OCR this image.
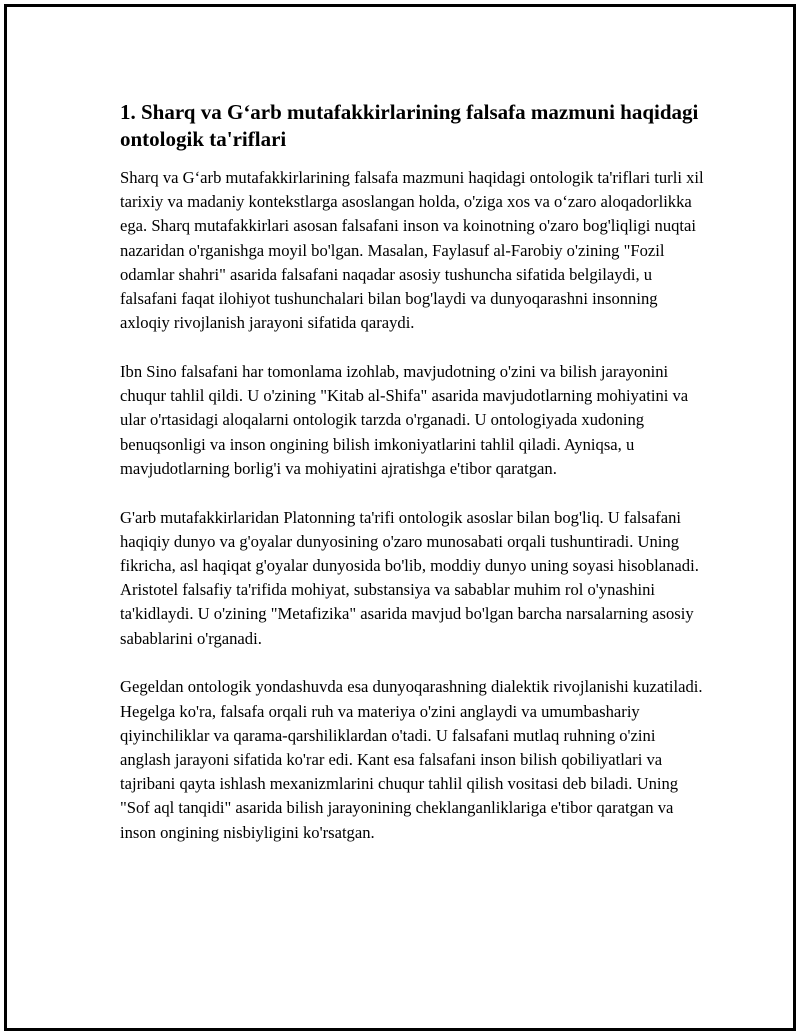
1. Sharq va G‘arb mutafakkirlarining falsafa mazmuni haqidagi ontologik ta'riflari

Sharq va G‘arb mutafakkirlarining falsafa mazmuni haqidagi ontologik ta'riflari turli xil tarixiy va madaniy kontekstlarga asoslangan holda, o'ziga xos va o‘zaro aloqadorlikka ega. Sharq mutafakkirlari asosan falsafani inson va koinotning o'zaro bog'liqligi nuqtai nazaridan o'rganishga moyil bo'lgan. Masalan, Faylasuf al-Farobiy o'zining "Fozil odamlar shahri" asarida falsafani naqadar asosiy tushuncha sifatida belgilaydi, u falsafani faqat ilohiyot tushunchalari bilan bog'laydi va dunyoqarashni insonning axloqiy rivojlanish jarayoni sifatida qaraydi.

Ibn Sino falsafani har tomonlama izohlab, mavjudotning o'zini va bilish jarayonini chuqur tahlil qildi. U o'zining "Kitab al-Shifa" asarida mavjudotlarning mohiyatini va ular o'rtasidagi aloqalarni ontologik tarzda o'rganadi. U ontologiyada xudoning benuqsonligi va inson ongining bilish imkoniyatlarini tahlil qiladi. Ayniqsa, u mavjudotlarning borlig'i va mohiyatini ajratishga e'tibor qaratgan.

G'arb mutafakkirlaridan Platonning ta'rifi ontologik asoslar bilan bog'liq. U falsafani haqiqiy dunyo va g'oyalar dunyosining o'zaro munosabati orqali tushuntiradi. Uning fikricha, asl haqiqat g'oyalar dunyosida bo'lib, moddiy dunyo uning soyasi hisoblanadi. Aristotel falsafiy ta'rifida mohiyat, substansiya va sabablar muhim rol o'ynashini ta'kidlaydi. U o'zining "Metafizika" asarida mavjud bo'lgan barcha narsalarning asosiy sabablarini o'rganadi.

Gegeldan ontologik yondashuvda esa dunyoqarashning dialektik rivojlanishi kuzatiladi. Hegelga ko'ra, falsafa orqali ruh va materiya o'zini anglaydi va umumbashariy qiyinchiliklar va qarama-qarshiliklardan o'tadi. U falsafani mutlaq ruhning o'zini anglash jarayoni sifatida ko'rar edi. Kant esa falsafani inson bilish qobiliyatlari va tajribani qayta ishlash mexanizmlarini chuqur tahlil qilish vositasi deb biladi. Uning "Sof aql tanqidi" asarida bilish jarayonining cheklanganliklariga e'tibor qaratgan va inson ongining nisbiyligini ko'rsatgan.
